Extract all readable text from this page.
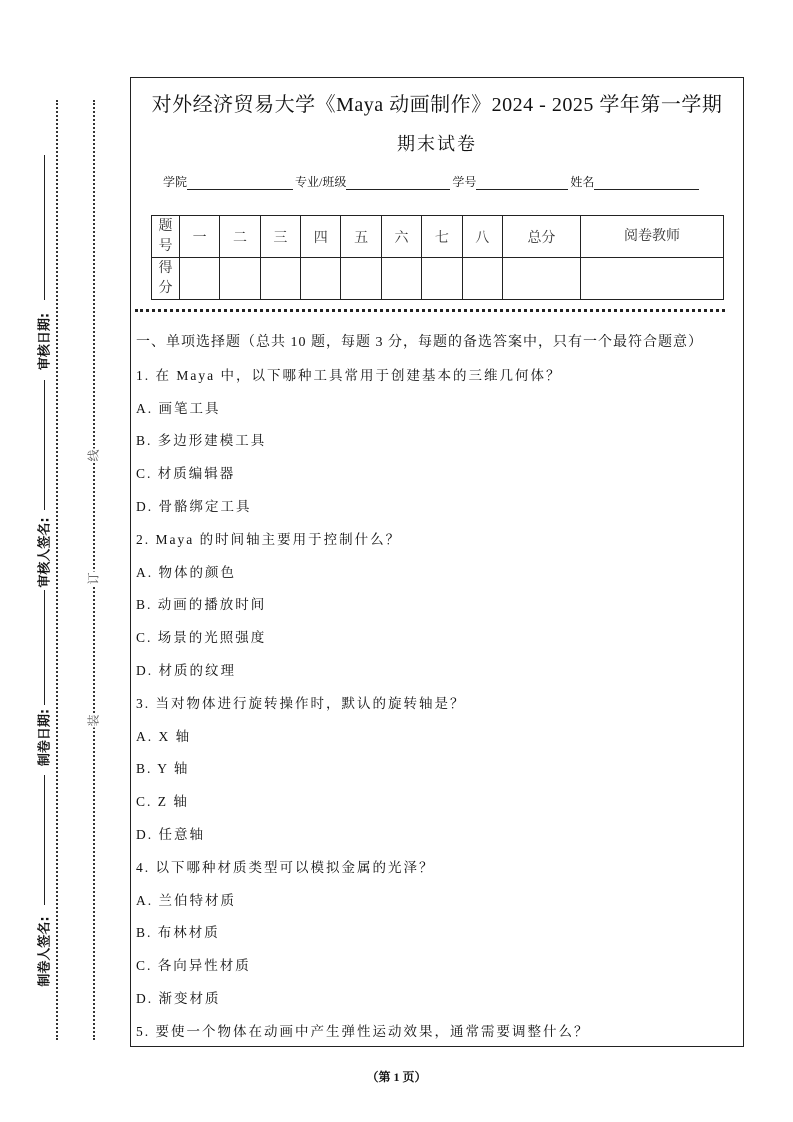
审核日期:
审核人签名:
制卷日期:
制卷人签名:
线
订
装
对外经济贸易大学《Maya 动画制作》2024 - 2025 学年第一学期
期末试卷
学院	专业/班级	学号	姓名
题号	一	二	三	四	五	六	七	八	总分	阅卷教师
得分										
一、单项选择题（总共 10 题，每题 3 分，每题的备选答案中，只有一个最符合题意）
1. 在 Maya 中，以下哪种工具常用于创建基本的三维几何体？
A. 画笔工具
B. 多边形建模工具
C. 材质编辑器
D. 骨骼绑定工具
2. Maya 的时间轴主要用于控制什么？
A. 物体的颜色
B. 动画的播放时间
C. 场景的光照强度
D. 材质的纹理
3. 当对物体进行旋转操作时，默认的旋转轴是？
A. X 轴
B. Y 轴
C. Z 轴
D. 任意轴
4. 以下哪种材质类型可以模拟金属的光泽？
A. 兰伯特材质
B. 布林材质
C. 各向异性材质
D. 渐变材质
5. 要使一个物体在动画中产生弹性运动效果，通常需要调整什么？
（第 1 页）
